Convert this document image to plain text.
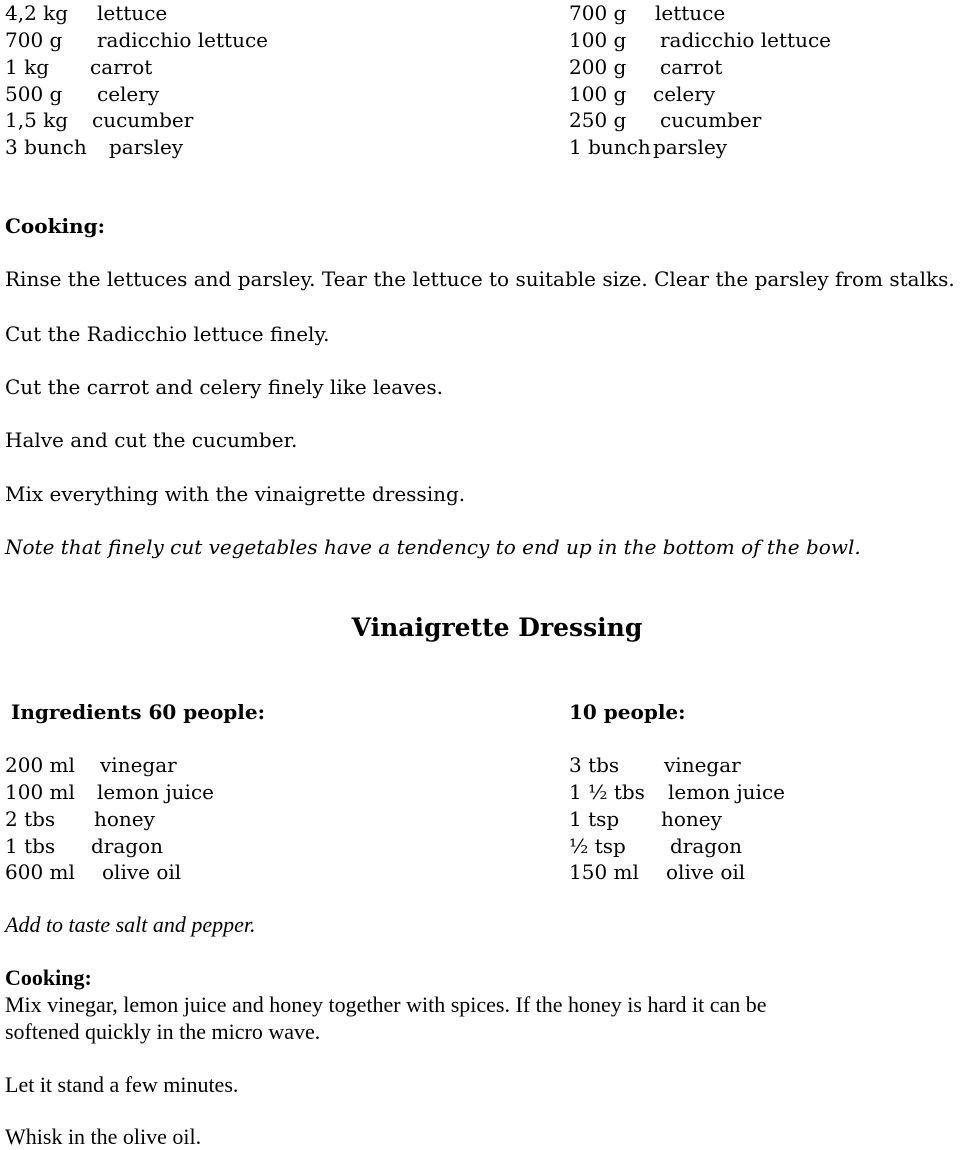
4,2 kg lettuce
700 g radicchio lettuce
1 kg carrot
500 g celery
1,5 kg cucumber
3 bunch parsley
700 g lettuce
100 g radicchio lettuce
200 g carrot
100 g celery
250 g cucumber
1 bunch parsley
Cooking:
Rinse the lettuces and parsley. Tear the lettuce to suitable size. Clear the parsley from stalks.
Cut the Radicchio lettuce finely.
Cut the carrot and celery finely like leaves.
Halve and cut the cucumber.
Mix everything with the vinaigrette dressing.
Note that finely cut vegetables have a tendency to end up in the bottom of the bowl.
Vinaigrette Dressing
Ingredients 60 people:	10 people:
200 ml vinegar
100 ml lemon juice
2 tbs honey
1 tbs dragon
600 ml olive oil
3 tbs vinegar
1 ½ tbs lemon juice
1 tsp honey
½ tsp dragon
150 ml olive oil
Add to taste salt and pepper.
Cooking:
Mix vinegar, lemon juice and honey together with spices. If the honey is hard it can be
softened quickly in the micro wave.
Let it stand a few minutes.
Whisk in the olive oil.
